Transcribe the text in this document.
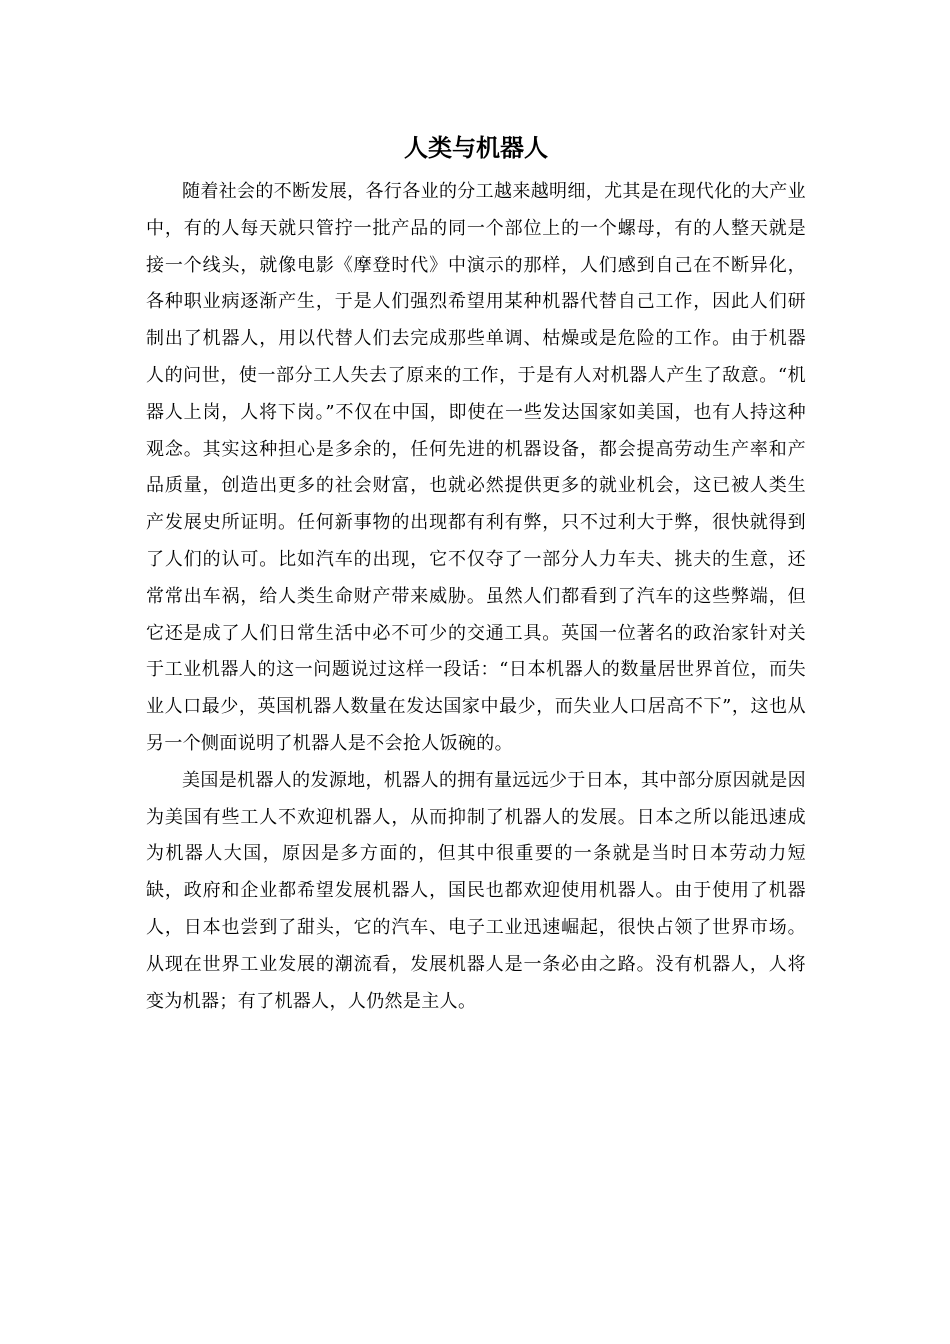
人类与机器人

随着社会的不断发展，各行各业的分工越来越明细，尤其是在现代化的大产业中，有的人每天就只管拧一批产品的同一个部位上的一个螺母，有的人整天就是接一个线头，就像电影《摩登时代》中演示的那样，人们感到自己在不断异化，各种职业病逐渐产生，于是人们强烈希望用某种机器代替自己工作，因此人们研制出了机器人，用以代替人们去完成那些单调、枯燥或是危险的工作。由于机器人的问世，使一部分工人失去了原来的工作，于是有人对机器人产生了敌意。“机器人上岗，人将下岗。”不仅在中国，即使在一些发达国家如美国，也有人持这种观念。其实这种担心是多余的，任何先进的机器设备，都会提高劳动生产率和产品质量，创造出更多的社会财富，也就必然提供更多的就业机会，这已被人类生产发展史所证明。任何新事物的出现都有利有弊，只不过利大于弊，很快就得到了人们的认可。比如汽车的出现，它不仅夺了一部分人力车夫、挑夫的生意，还常常出车祸，给人类生命财产带来威胁。虽然人们都看到了汽车的这些弊端，但它还是成了人们日常生活中必不可少的交通工具。英国一位著名的政治家针对关于工业机器人的这一问题说过这样一段话：“日本机器人的数量居世界首位，而失业人口最少，英国机器人数量在发达国家中最少，而失业人口居高不下”，这也从另一个侧面说明了机器人是不会抢人饭碗的。

美国是机器人的发源地，机器人的拥有量远远少于日本，其中部分原因就是因为美国有些工人不欢迎机器人，从而抑制了机器人的发展。日本之所以能迅速成为机器人大国，原因是多方面的，但其中很重要的一条就是当时日本劳动力短缺，政府和企业都希望发展机器人，国民也都欢迎使用机器人。由于使用了机器人，日本也尝到了甜头，它的汽车、电子工业迅速崛起，很快占领了世界市场。从现在世界工业发展的潮流看，发展机器人是一条必由之路。没有机器人，人将变为机器；有了机器人，人仍然是主人。
